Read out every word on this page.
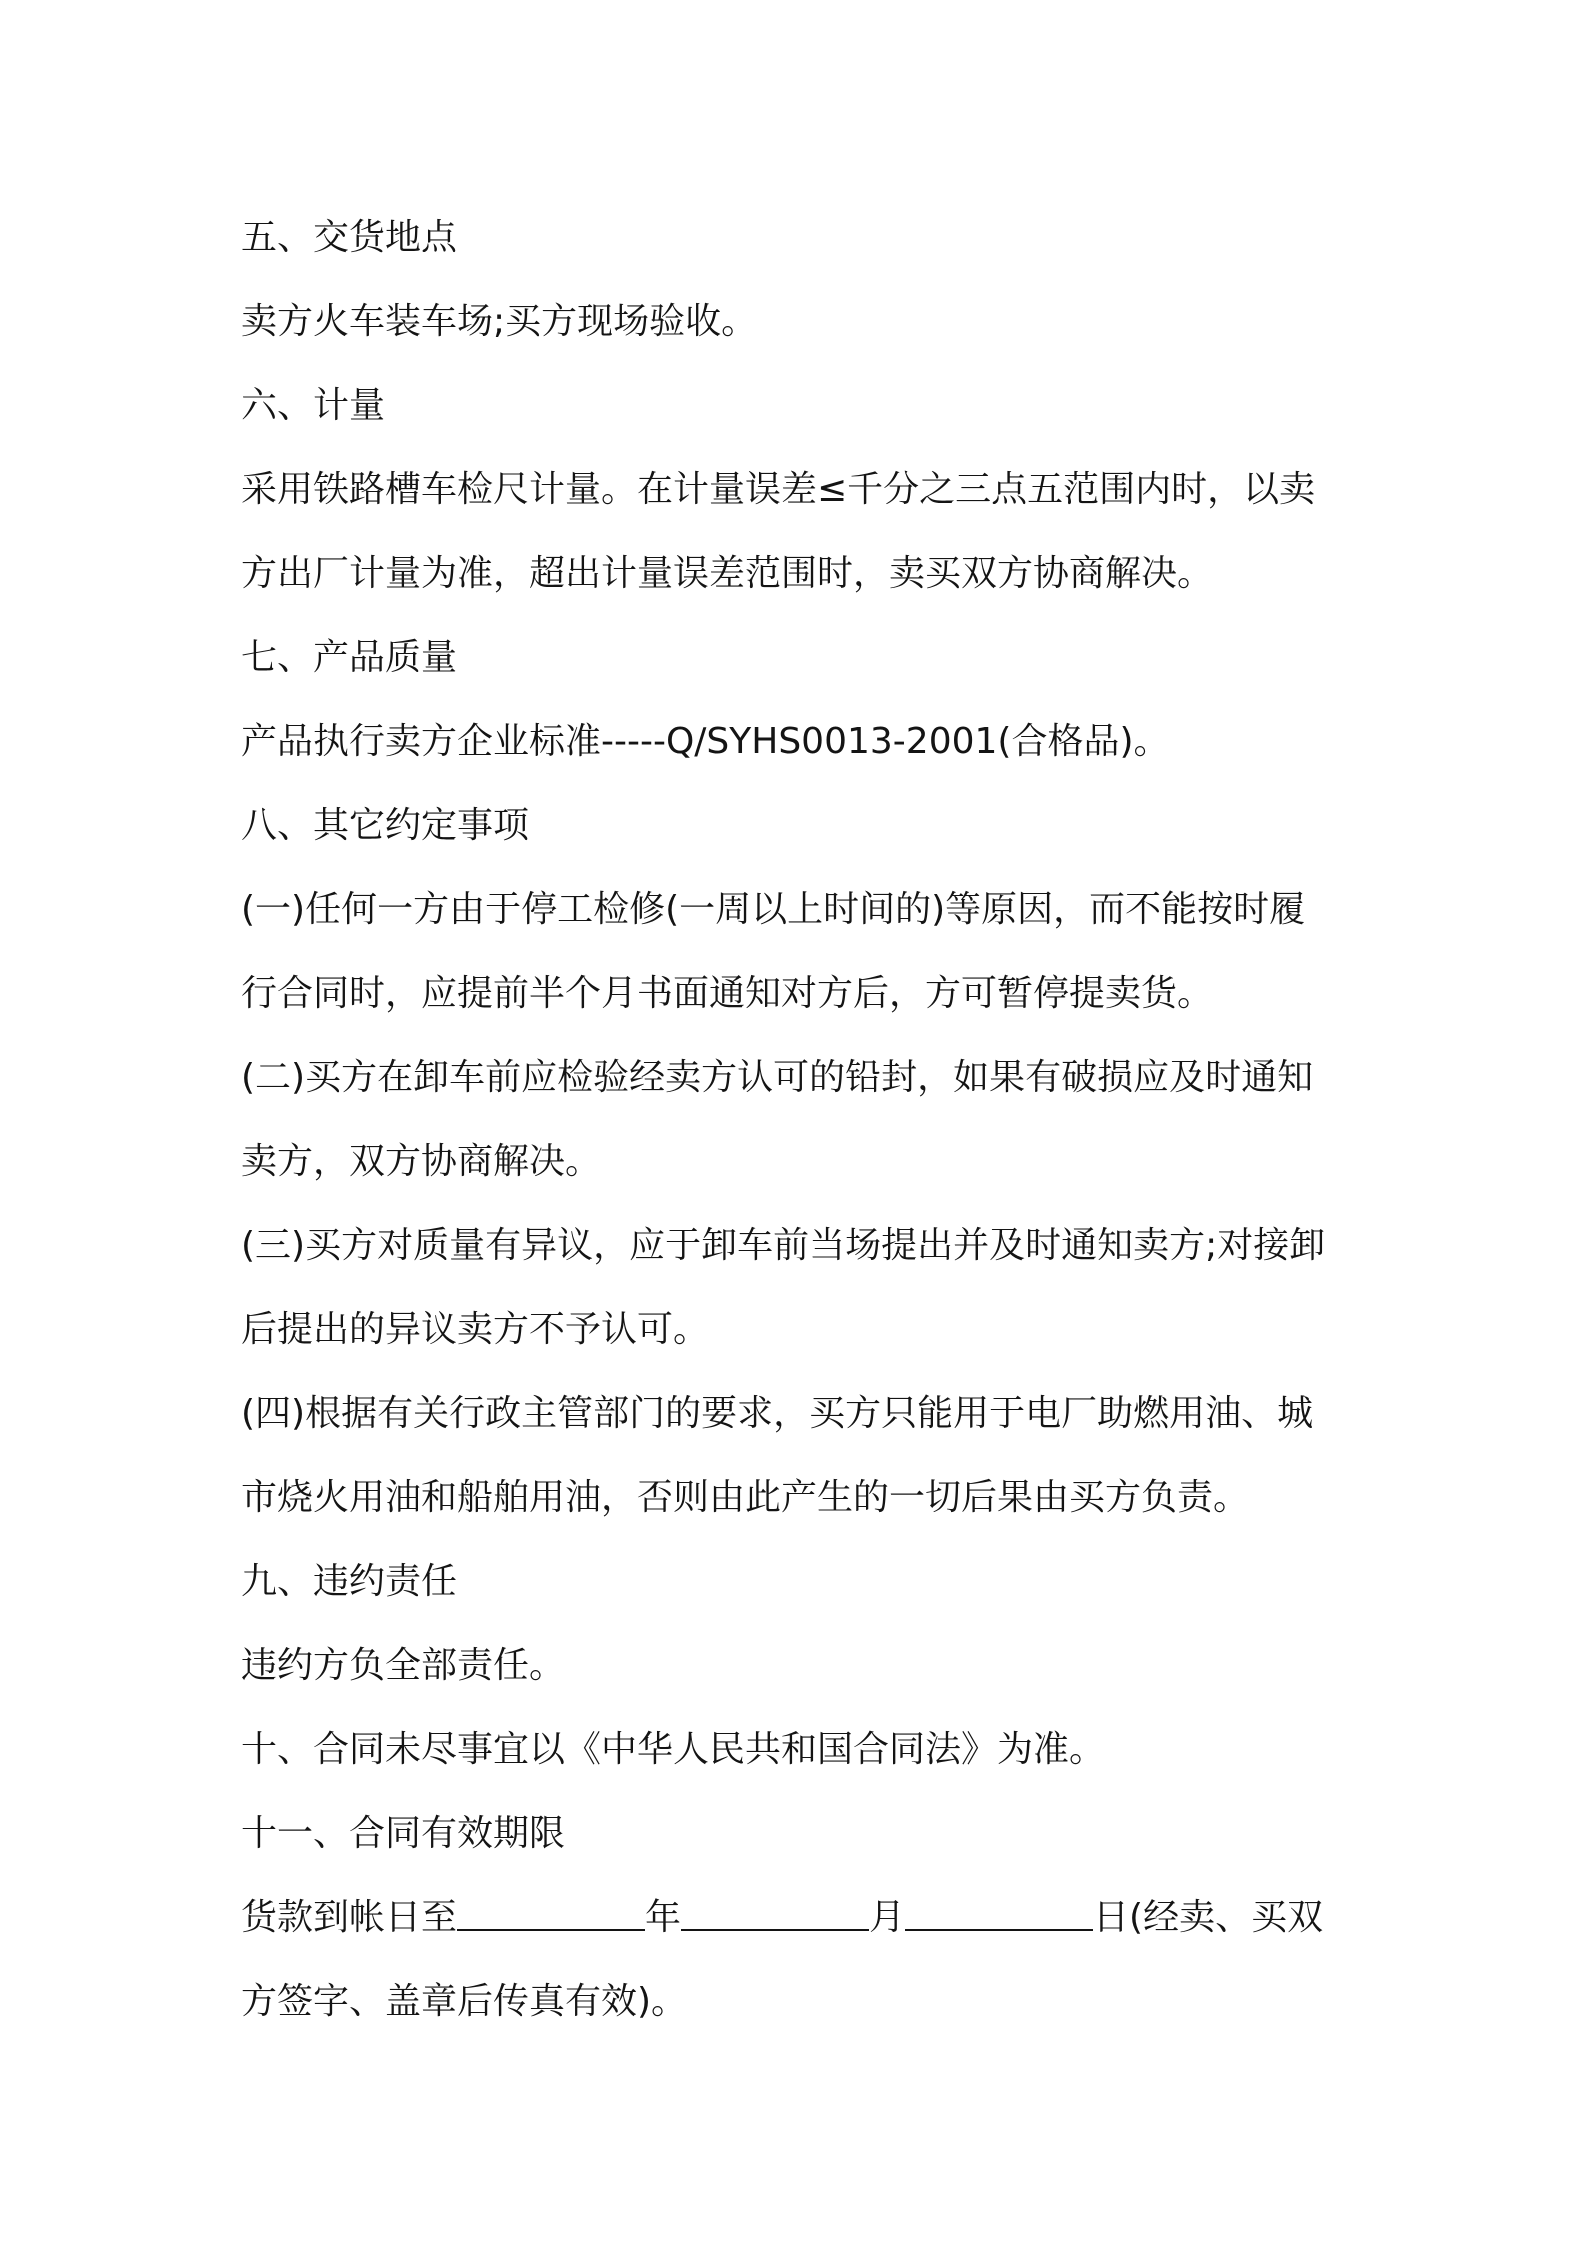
五、交货地点
卖方火车装车场;买方现场验收。
六、计量
采用铁路槽车检尺计量。在计量误差≤千分之三点五范围内时，以卖
方出厂计量为准，超出计量误差范围时，卖买双方协商解决。
七、产品质量
产品执行卖方企业标准-----Q/SYHS0013-2001(合格品)。
八、其它约定事项
(一)任何一方由于停工检修(一周以上时间的)等原因，而不能按时履
行合同时，应提前半个月书面通知对方后，方可暂停提卖货。
(二)买方在卸车前应检验经卖方认可的铅封，如果有破损应及时通知
卖方，双方协商解决。
(三)买方对质量有异议，应于卸车前当场提出并及时通知卖方;对接卸
后提出的异议卖方不予认可。
(四)根据有关行政主管部门的要求，买方只能用于电厂助燃用油、城
市烧火用油和船舶用油，否则由此产生的一切后果由买方负责。
九、违约责任
违约方负全部责任。
十、合同未尽事宜以《中华人民共和国合同法》为准。
十一、合同有效期限
货款到帐日至	年	月	日(经卖、买双
方签字、盖章后传真有效)。
